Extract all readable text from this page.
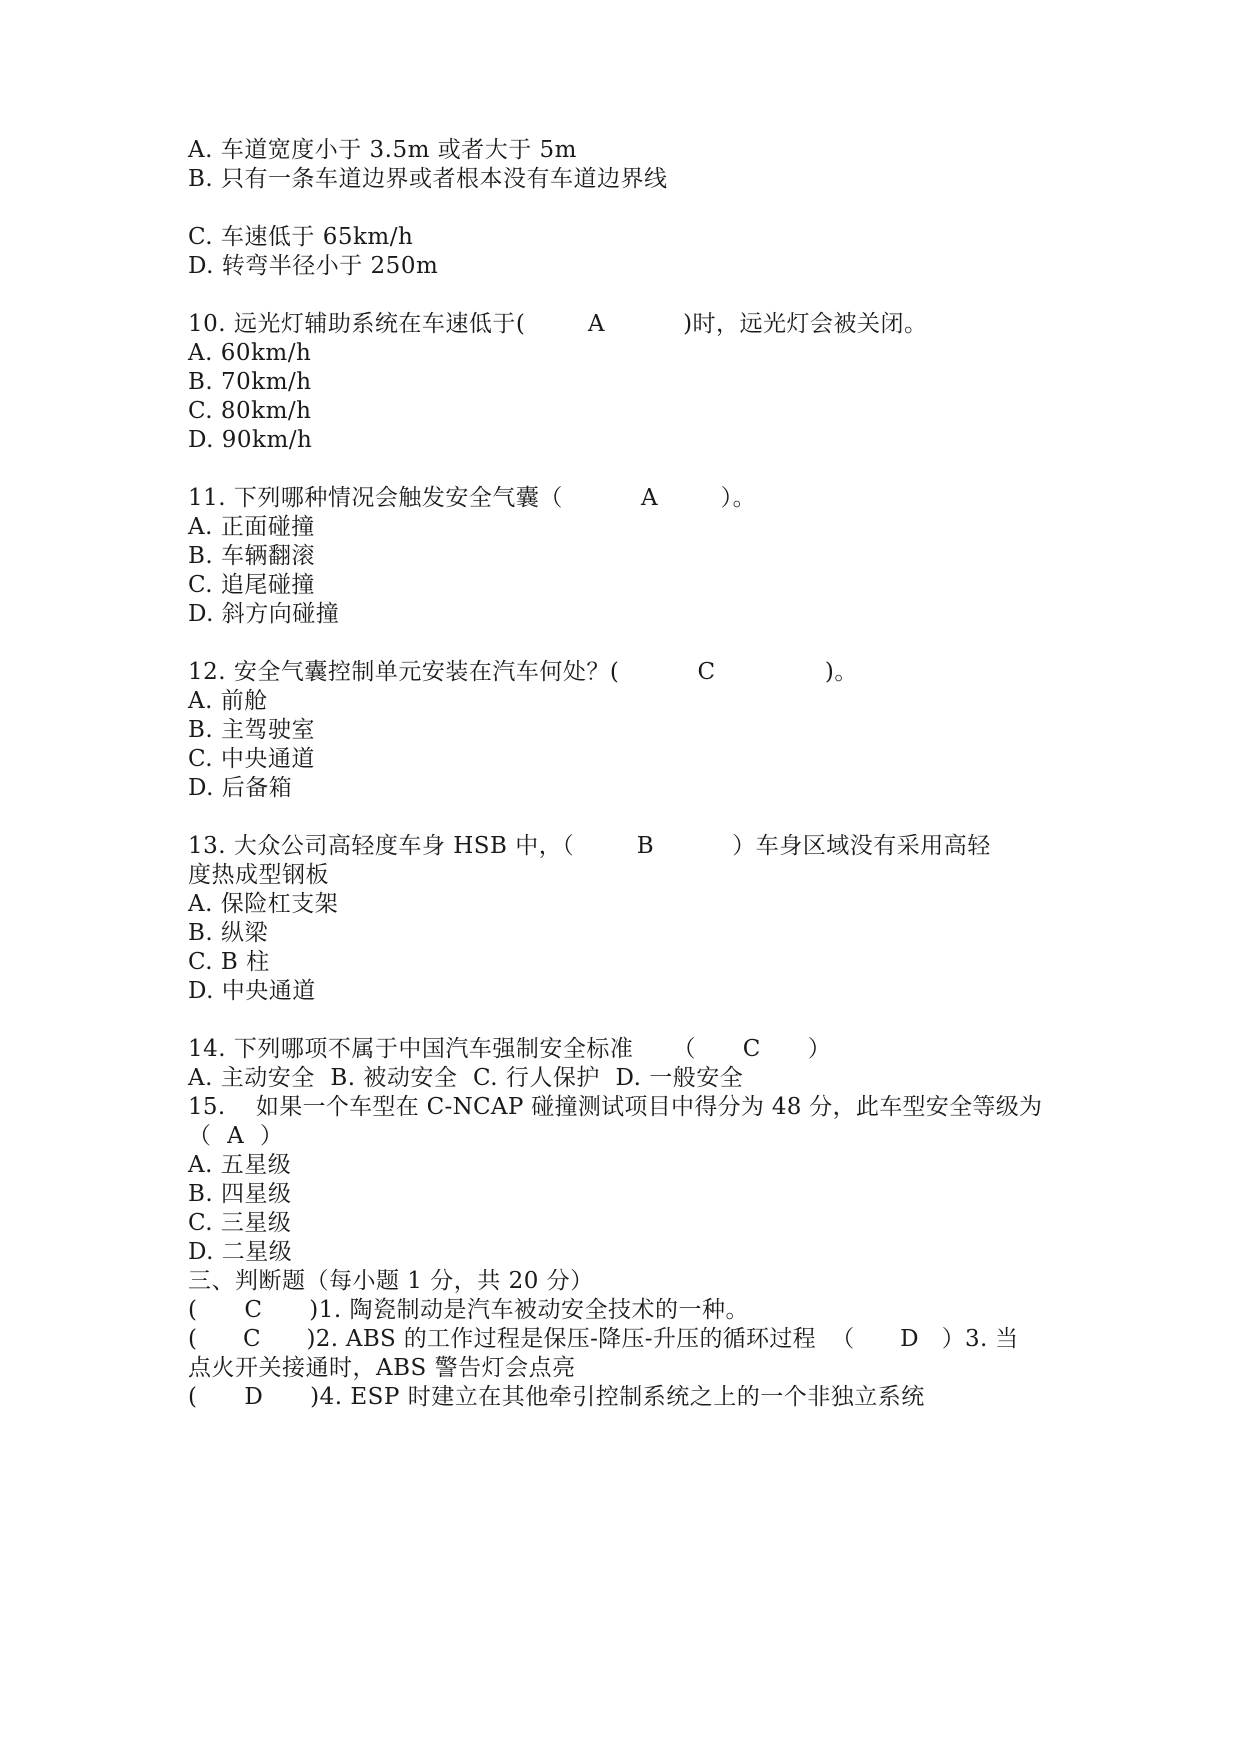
A. 车道宽度小于 3.5m 或者大于 5m
B. 只有一条车道边界或者根本没有车道边界线
C. 车速低于 65km/h
D. 转弯半径小于 250m
10. 远光灯辅助系统在车速低于(        A          )时，远光灯会被关闭。
A. 60km/h
B. 70km/h
C. 80km/h
D. 90km/h
11. 下列哪种情况会触发安全气囊（          A        ）。
A. 正面碰撞
B. 车辆翻滚
C. 追尾碰撞
D. 斜方向碰撞
12. 安全气囊控制单元安装在汽车何处？(          C              )。
A. 前舱
B. 主驾驶室
C. 中央通道
D. 后备箱
13. 大众公司高轻度车身 HSB 中，（        B          ）车身区域没有采用高轻
度热成型钢板
A. 保险杠支架
B. 纵梁
C. B 柱
D. 中央通道
14. 下列哪项不属于中国汽车强制安全标准     （      C      ）
A. 主动安全  B. 被动安全  C. 行人保护  D. 一般安全
15.    如果一个车型在 C-NCAP 碰撞测试项目中得分为 48 分，此车型安全等级为
（  A  ）
A. 五星级
B. 四星级
C. 三星级
D. 二星级
三、判断题（每小题 1 分，共 20 分）
(      C      )1. 陶瓷制动是汽车被动安全技术的一种。
(      C      )2. ABS 的工作过程是保压-降压-升压的循环过程  （      D   ）3. 当
点火开关接通时，ABS 警告灯会点亮
(      D      )4. ESP 时建立在其他牵引控制系统之上的一个非独立系统
